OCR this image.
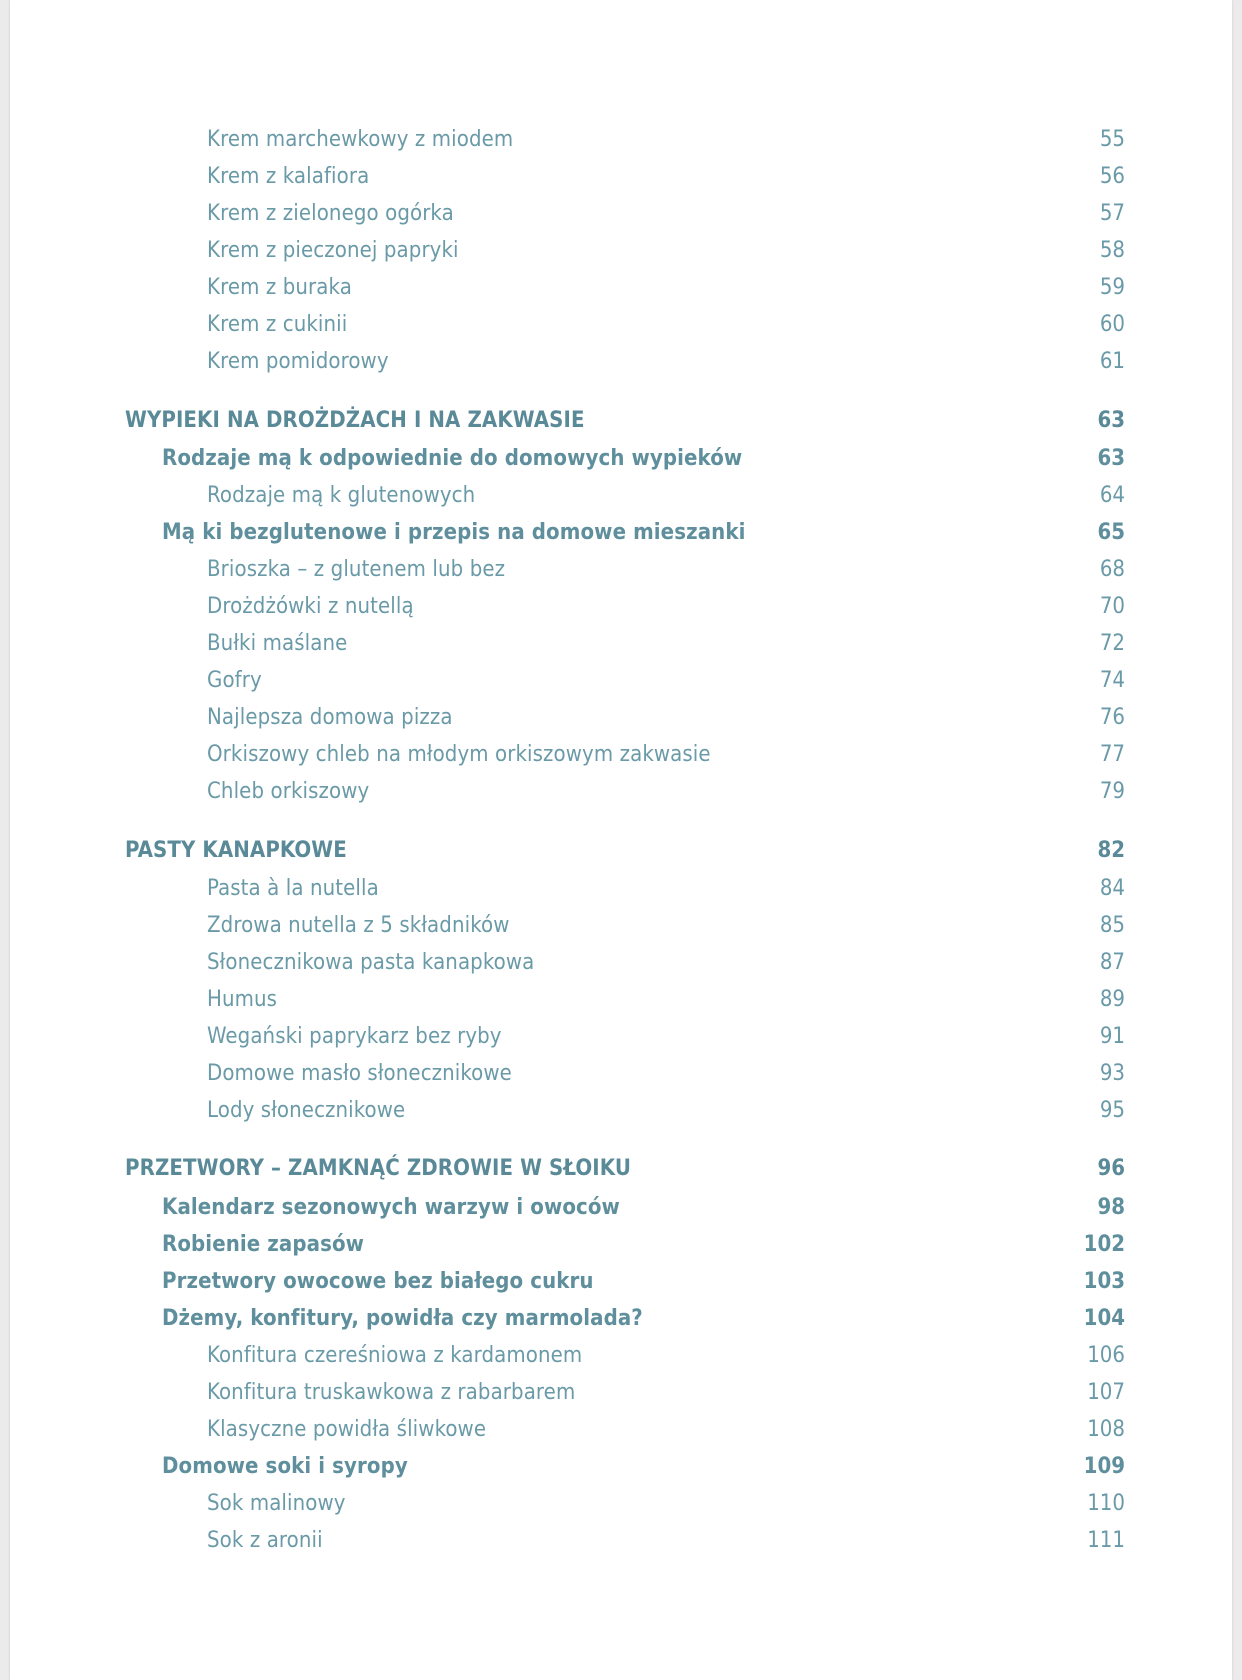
Krem marchewkowy z miodem	55
Krem z kalafiora	56
Krem z zielonego ogórka	57
Krem z pieczonej papryki	58
Krem z buraka	59
Krem z cukinii	60
Krem pomidorowy	61
WYPIEKI NA DROŻDŻACH I NA ZAKWASIE	63
Rodzaje mą k odpowiednie do domowych wypieków	63
Rodzaje mą k glutenowych	64
Mą ki bezglutenowe i przepis na domowe mieszanki	65
Brioszka – z glutenem lub bez	68
Drożdżówki z nutellą	70
Bułki maślane	72
Gofry	74
Najlepsza domowa pizza	76
Orkiszowy chleb na młodym orkiszowym zakwasie	77
Chleb orkiszowy	79
PASTY KANAPKOWE	82
Pasta à la nutella	84
Zdrowa nutella z 5 składników	85
Słonecznikowa pasta kanapkowa	87
Humus	89
Wegański paprykarz bez ryby	91
Domowe masło słonecznikowe	93
Lody słonecznikowe	95
PRZETWORY – ZAMKNĄĆ ZDROWIE W SŁOIKU	96
Kalendarz sezonowych warzyw i owoców	98
Robienie zapasów	102
Przetwory owocowe bez białego cukru	103
Dżemy, konfitury, powidła czy marmolada?	104
Konfitura czereśniowa z kardamonem	106
Konfitura truskawkowa z rabarbarem	107
Klasyczne powidła śliwkowe	108
Domowe soki i syropy	109
Sok malinowy	110
Sok z aronii	111
